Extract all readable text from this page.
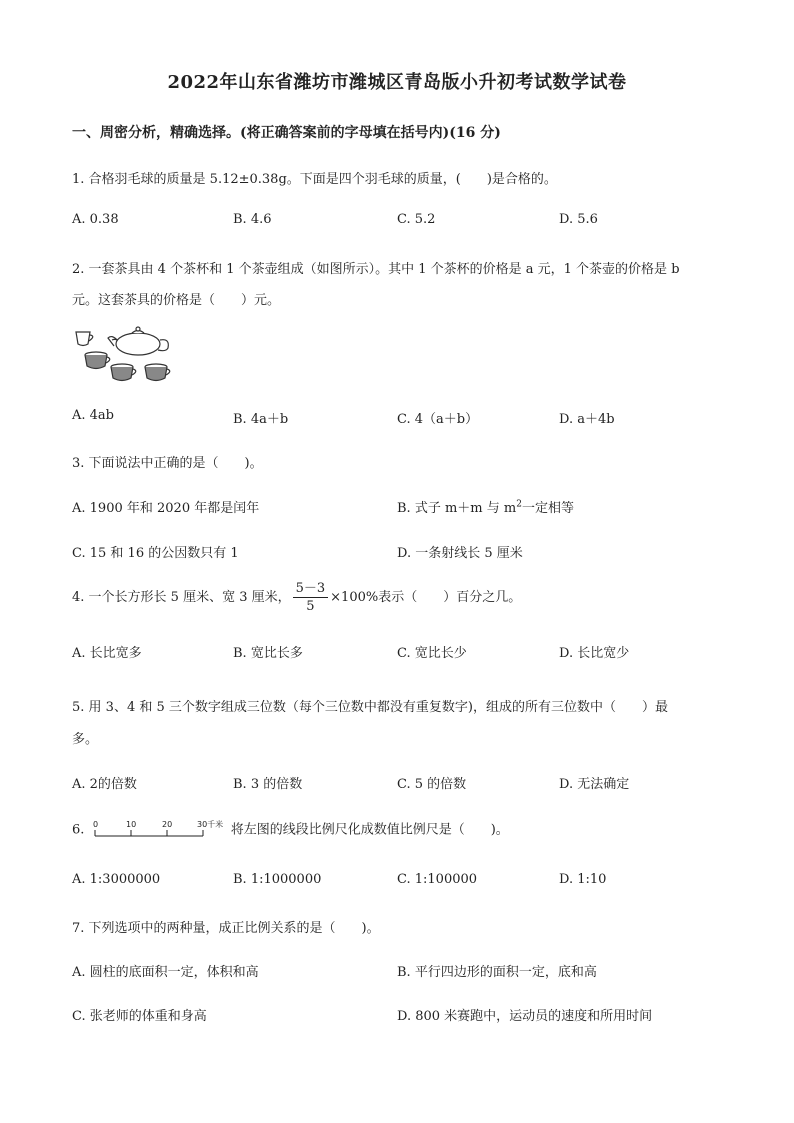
2022年山东省潍坊市潍城区青岛版小升初考试数学试卷
一、周密分析，精确选择。(将正确答案前的字母填在括号内)(16 分)
1. 合格羽毛球的质量是 5.12±0.38g。下面是四个羽毛球的质量，(　　)是合格的。
A. 0.38	B. 4.6	C. 5.2	D. 5.6
2. 一套茶具由 4 个茶杯和 1 个茶壶组成（如图所示）。其中 1 个茶杯的价格是 a 元，1 个茶壶的价格是 b
元。这套茶具的价格是（　　）元。
A. 4ab	B. 4a＋b	C. 4（a＋b）	D. a＋4b
3. 下面说法中正确的是（　　)。
A. 1900 年和 2020 年都是闰年	B. 式子 m＋m 与 $m^2$一定相等
C. 15 和 16 的公因数只有 1	D. 一条射线长 5 厘米
4. 一个长方形长 5 厘米、宽 3 厘米， $\frac{5-3}{5} \times 100\%$表示（　　）百分之几。
A. 长比宽多	B. 宽比长多	C. 宽比长少	D. 长比宽少
5. 用 3、4 和 5 三个数字组成三位数（每个三位数中都没有重复数字)，组成的所有三位数中（　　）最
多。
A. 2的倍数	B. 3 的倍数	C. 5 的倍数	D. 无法确定
6. 0	10	20	30千米 将左图的线段比例尺化成数值比例尺是（　　)。
A. 1:3000000	B. 1:1000000	C. 1:100000	D. 1:10
7. 下列选项中的两种量，成正比例关系的是（　　)。
A. 圆柱的底面积一定，体积和高	B. 平行四边形的面积一定，底和高
C. 张老师的体重和身高	D. 800 米赛跑中，运动员的速度和所用时间
